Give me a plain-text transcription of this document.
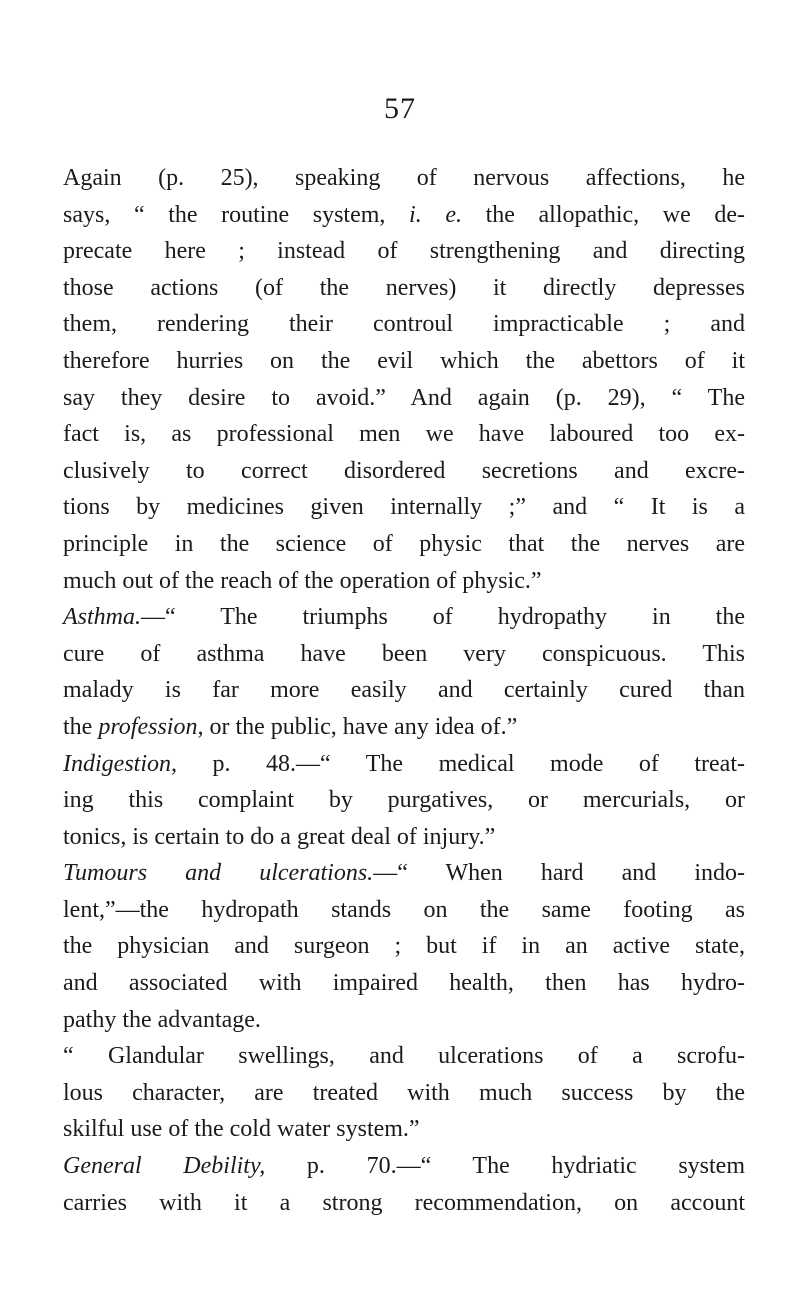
57
Again (p. 25), speaking of nervous affections, he
says, “ the routine system, i. e. the allopathic, we de-
precate here ; instead of strengthening and directing
those actions (of the nerves) it directly depresses
them, rendering their controul impracticable ; and
therefore hurries on the evil which the abettors of it
say they desire to avoid.” And again (p. 29), “ The
fact is, as professional men we have laboured too ex-
clusively to correct disordered secretions and excre-
tions by medicines given internally ;” and “ It is a
principle in the science of physic that the nerves are
much out of the reach of the operation of physic.”
Asthma.—“ The triumphs of hydropathy in the
cure of asthma have been very conspicuous. This
malady is far more easily and certainly cured than
the profession, or the public, have any idea of.”
Indigestion, p. 48.—“ The medical mode of treat-
ing this complaint by purgatives, or mercurials, or
tonics, is certain to do a great deal of injury.”
Tumours and ulcerations.—“ When hard and indo-
lent,”—the hydropath stands on the same footing as
the physician and surgeon ; but if in an active state,
and associated with impaired health, then has hydro-
pathy the advantage.
“ Glandular swellings, and ulcerations of a scrofu-
lous character, are treated with much success by the
skilful use of the cold water system.”
General Debility, p. 70.—“ The hydriatic system
carries with it a strong recommendation, on account
